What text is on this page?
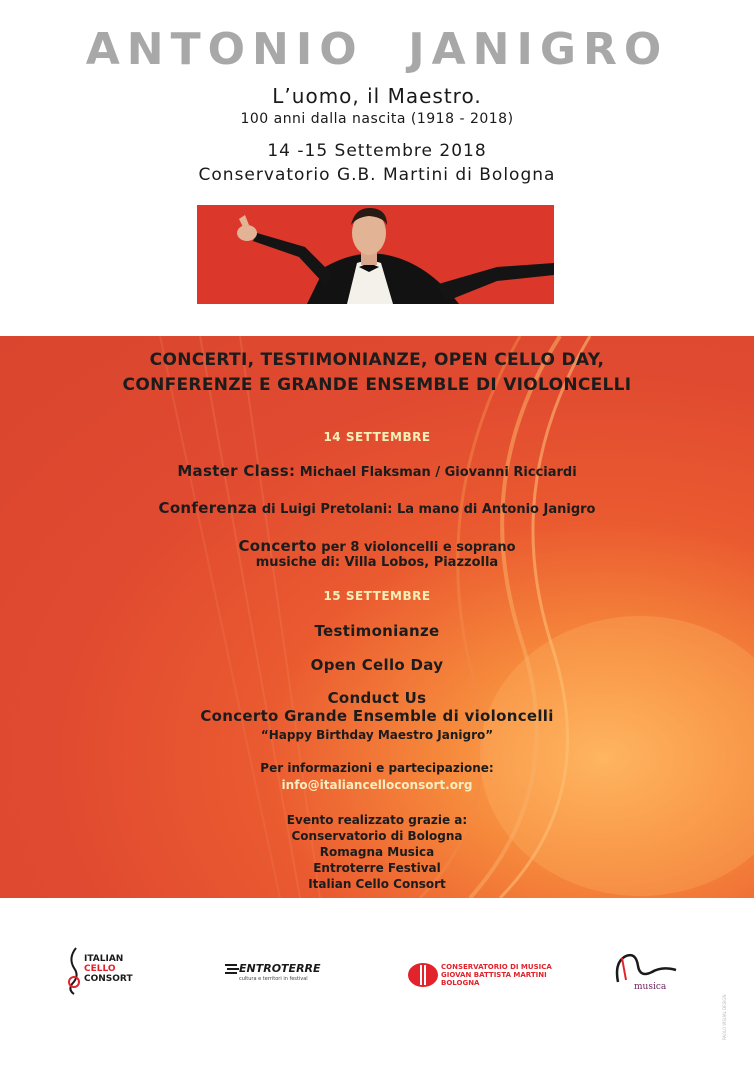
ANTONIO  JANIGRO
L’uomo, il Maestro.
100 anni dalla nascita (1918 - 2018)
14 -15 Settembre 2018
Conservatorio G.B. Martini di Bologna
CONCERTI, TESTIMONIANZE, OPEN CELLO DAY,
CONFERENZE E GRANDE ENSEMBLE DI VIOLONCELLI
14 SETTEMBRE
Master Class: Michael Flaksman / Giovanni Ricciardi
Conferenza di Luigi Pretolani: La mano di Antonio Janigro
Concerto per 8 violoncelli e soprano
musiche di: Villa Lobos, Piazzolla
15 SETTEMBRE
Testimonianze
Open Cello Day
Conduct Us
Concerto Grande Ensemble di violoncelli
“Happy Birthday Maestro Janigro”
Per informazioni e partecipazione:
info@italiancelloconsort.org
Evento realizzato grazie a:
Conservatorio di Bologna
Romagna Musica
Entroterre Festival
Italian Cello Consort
ITALIAN
CELLO
CONSORT
ENTROTERRE
cultura e territori in festival
CONSERVATORIO DI MUSICA
GIOVAN BATTISTA MARTINI
BOLOGNA	musica
PAOLO VISUAL DESIGN
